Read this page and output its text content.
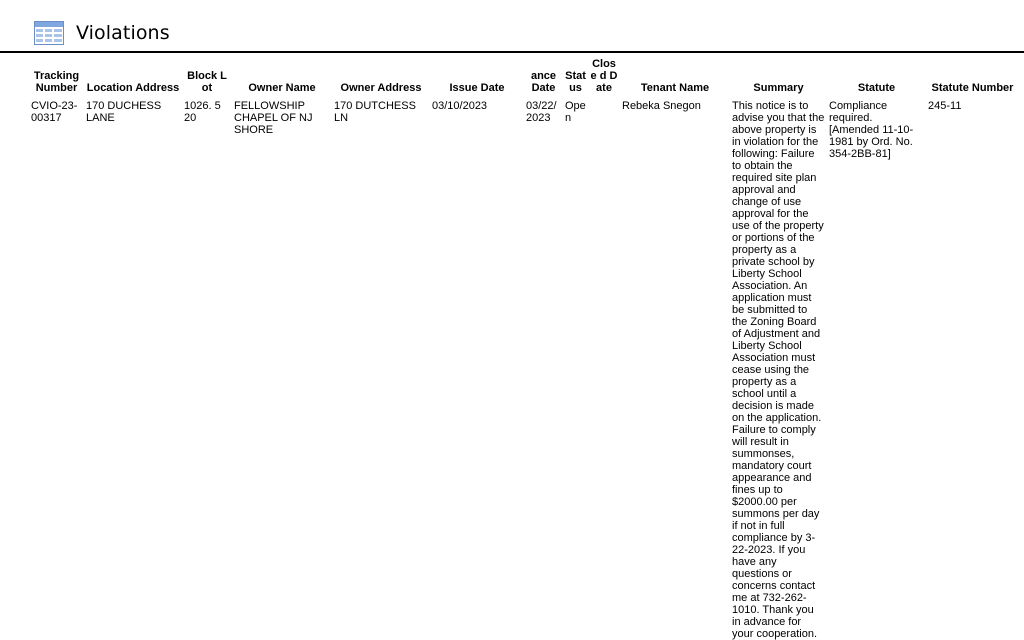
Violations
Tracking Number	Location Address	Block Lot	Owner Name	Owner Address	Issue Date	ance Date	Stat us	Close d Date	Tenant Name	Summary	Statute	Statute Number
CVIO-23-00317	170 DUCHESS LANE	1026. 5 20	FELLOWSHIP CHAPEL OF NJ SHORE	170 DUTCHESS LN	03/10/2023	03/22/ 2023	Open		Rebeka Snegon	This notice is to advise you that the above property is in violation for the following: Failure to obtain the required site plan approval and change of use approval for the use of the property or portions of the property as a private school by Liberty School Association. An application must be submitted to the Zoning Board of Adjustment and Liberty School Association must cease using the property as a school until a decision is made on the application. Failure to comply will result in summonses, mandatory court appearance and fines up to $2000.00 per summons per day if not in full compliance by 3-22-2023. If you have any questions or concerns contact me at 732-262-1010. Thank you in advance for your cooperation.	Compliance required. [Amended 11-10-1981 by Ord. No. 354-2BB-81]	245-11
